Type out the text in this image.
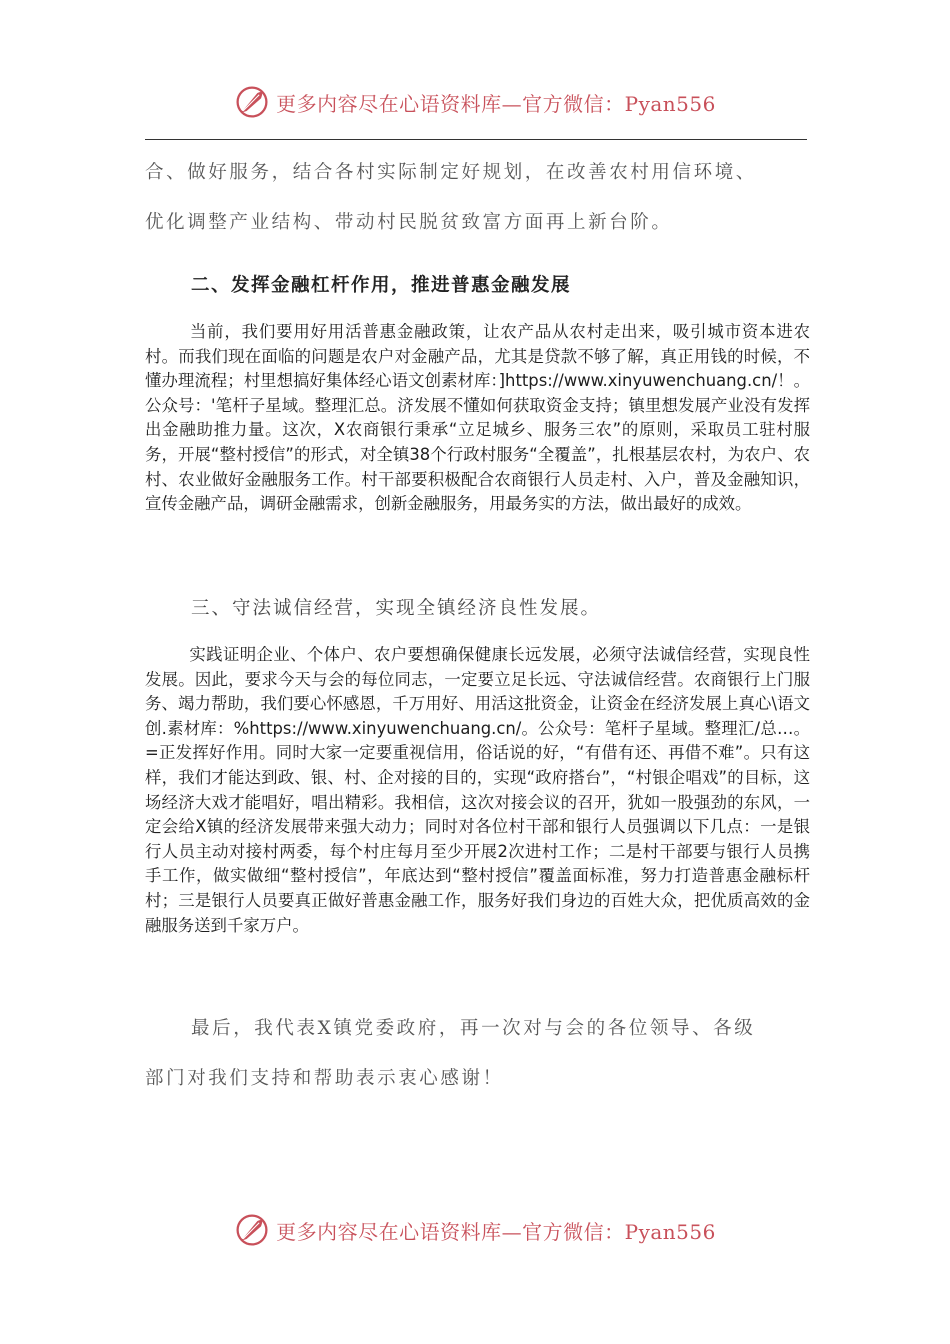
更多内容尽在心语资料库—官方微信：Pyan556

合、做好服务，结合各村实际制定好规划，在改善农村用信环境、

优化调整产业结构、带动村民脱贫致富方面再上新台阶。

二、发挥金融杠杆作用，推进普惠金融发展

当前，我们要用好用活普惠金融政策，让农产品从农村走出来，吸引城市资本进农村。而我们现在面临的问题是农户对金融产品，尤其是贷款不够了解，真正用钱的时候，不懂办理流程；村里想搞好集体经心语文创素材库：]https://www.xinyuwenchuang.cn/！。公众号：'笔杆子星域。整理汇总。济发展不懂如何获取资金支持；镇里想发展产业没有发挥出金融助推力量。这次，X农商银行秉承“立足城乡、服务三农”的原则，采取员工驻村服务，开展“整村授信”的形式，对全镇38个行政村服务“全覆盖”，扎根基层农村，为农户、农村、农业做好金融服务工作。村干部要积极配合农商银行人员走村、入户，普及金融知识，宣传金融产品，调研金融需求，创新金融服务，用最务实的方法，做出最好的成效。

三、守法诚信经营，实现全镇经济良性发展。

实践证明企业、个体户、农户要想确保健康长远发展，必须守法诚信经营，实现良性发展。因此，要求今天与会的每位同志，一定要立足长远、守法诚信经营。农商银行上门服务、竭力帮助，我们要心怀感恩，千万用好、用活这批资金，让资金在经济发展上真心\语文创.素材库：%https://www.xinyuwenchuang.cn/。公众号：笔杆子星域。整理汇/总…。=正发挥好作用。同时大家一定要重视信用，俗话说的好，“有借有还、再借不难”。只有这样，我们才能达到政、银、村、企对接的目的，实现“政府搭台”，“村银企唱戏”的目标，这场经济大戏才能唱好，唱出精彩。我相信，这次对接会议的召开，犹如一股强劲的东风，一定会给X镇的经济发展带来强大动力；同时对各位村干部和银行人员强调以下几点：一是银行人员主动对接村两委，每个村庄每月至少开展2次进村工作；二是村干部要与银行人员携手工作，做实做细“整村授信”，年底达到“整村授信”覆盖面标准，努力打造普惠金融标杆村；三是银行人员要真正做好普惠金融工作，服务好我们身边的百姓大众，把优质高效的金融服务送到千家万户。

最后，我代表X镇党委政府，再一次对与会的各位领导、各级

部门对我们支持和帮助表示衷心感谢！

更多内容尽在心语资料库—官方微信：Pyan556
